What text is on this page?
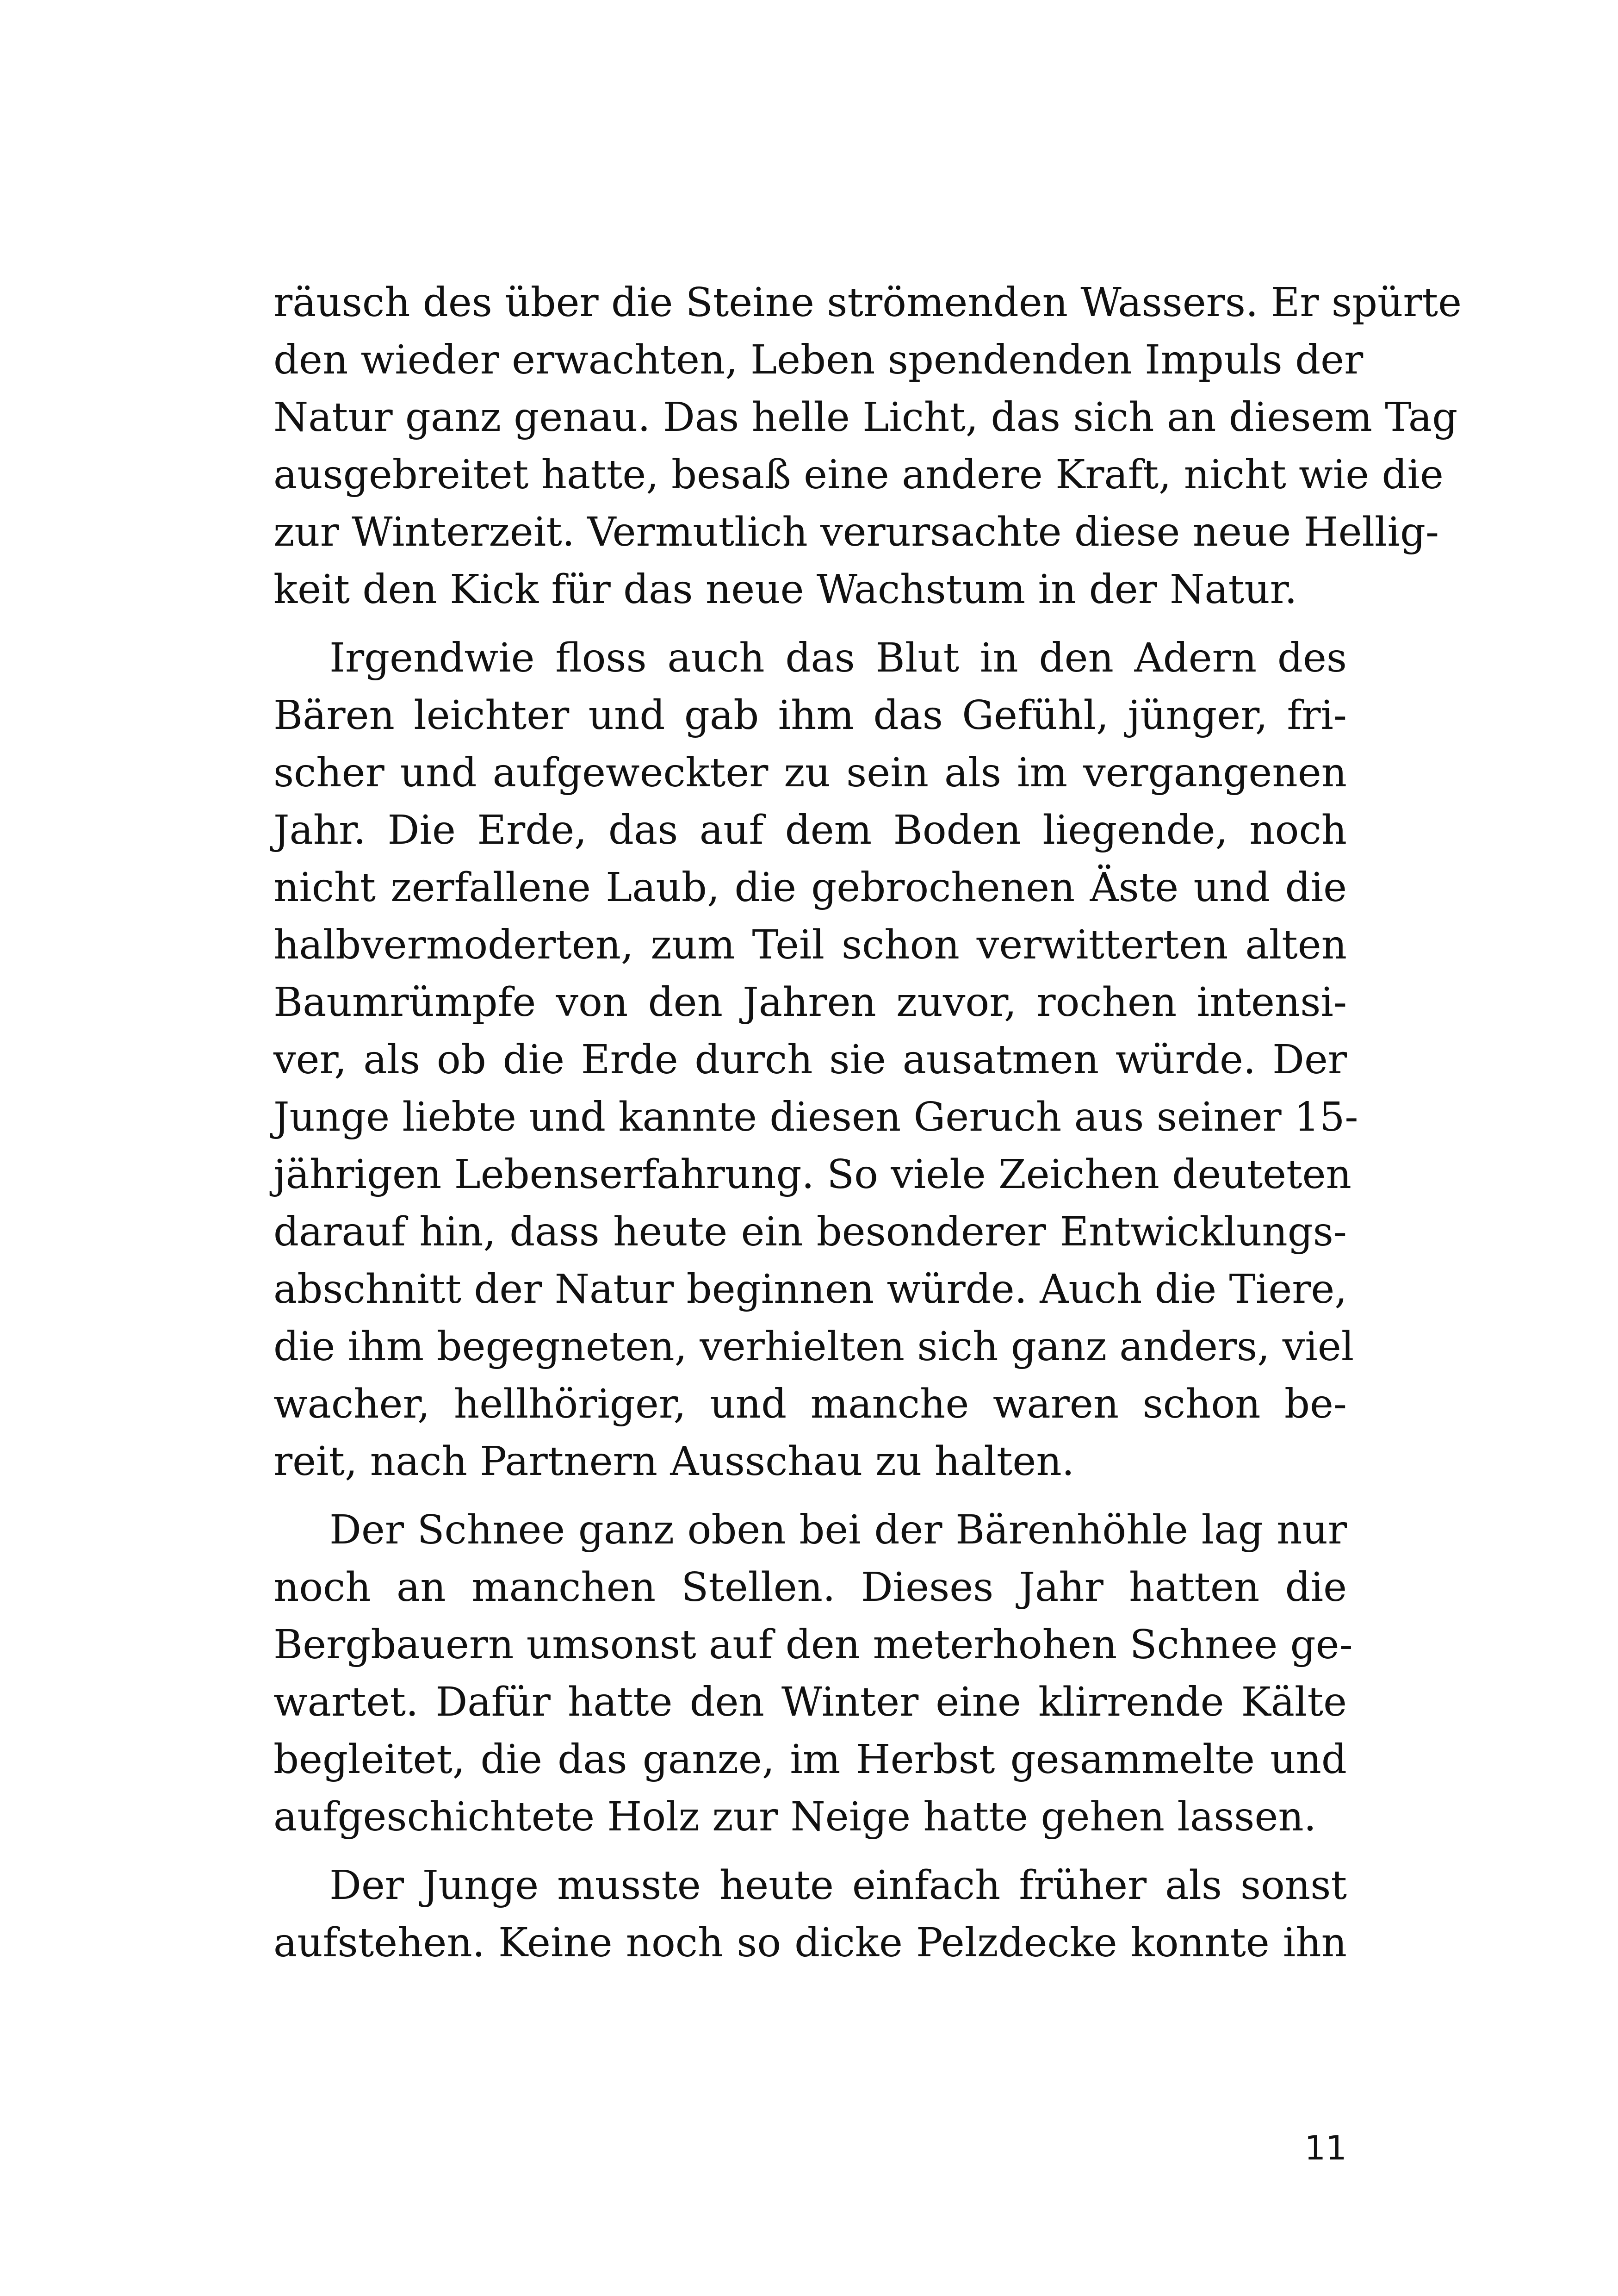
räusch des über die Steine strömenden Wassers. Er spürte
den wieder erwachten, Leben spendenden Impuls der
Natur ganz genau. Das helle Licht, das sich an diesem Tag
ausgebreitet hatte, besaß eine andere Kraft, nicht wie die
zur Winterzeit. Vermutlich verursachte diese neue Hellig-
keit den Kick für das neue Wachstum in der Natur.

Irgendwie floss auch das Blut in den Adern des
Bären leichter und gab ihm das Gefühl, jünger, fri-
scher und aufgeweckter zu sein als im vergangenen
Jahr. Die Erde, das auf dem Boden liegende, noch
nicht zerfallene Laub, die gebrochenen Äste und die
halbvermoderten, zum Teil schon verwitterten alten
Baumrümpfe von den Jahren zuvor, rochen intensi-
ver, als ob die Erde durch sie ausatmen würde. Der
Junge liebte und kannte diesen Geruch aus seiner 15-
jährigen Lebenserfahrung. So viele Zeichen deuteten
darauf hin, dass heute ein besonderer Entwicklungs-
abschnitt der Natur beginnen würde. Auch die Tiere,
die ihm begegneten, verhielten sich ganz anders, viel
wacher, hellhöriger, und manche waren schon be-
reit, nach Partnern Ausschau zu halten.

Der Schnee ganz oben bei der Bärenhöhle lag nur
noch an manchen Stellen. Dieses Jahr hatten die
Bergbauern umsonst auf den meterhohen Schnee ge-
wartet. Dafür hatte den Winter eine klirrende Kälte
begleitet, die das ganze, im Herbst gesammelte und
aufgeschichtete Holz zur Neige hatte gehen lassen.

Der Junge musste heute einfach früher als sonst
aufstehen. Keine noch so dicke Pelzdecke konnte ihn

11
